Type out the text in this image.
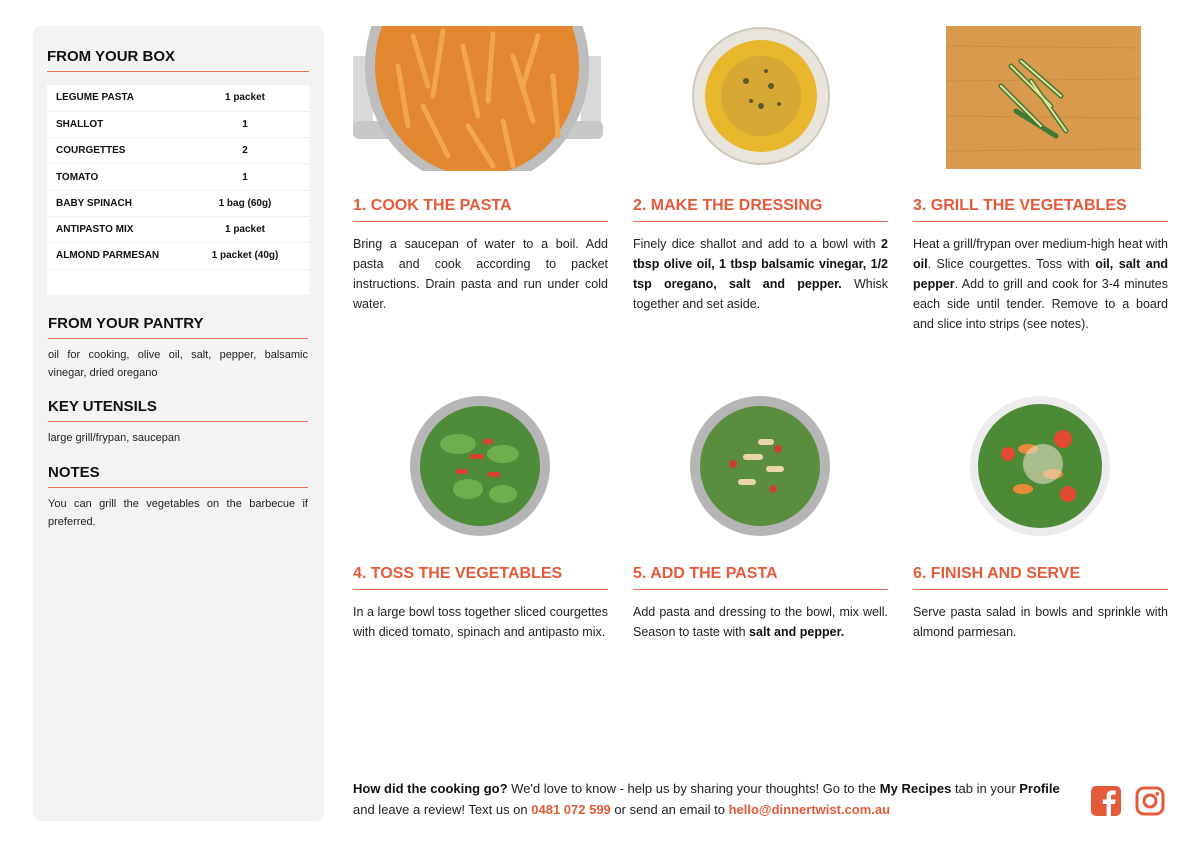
FROM YOUR BOX
LEGUME PASTA	1 packet
SHALLOT	1
COURGETTES	2
TOMATO	1
BABY SPINACH	1 bag (60g)
ANTIPASTO MIX	1 packet
ALMOND PARMESAN	1 packet (40g)

FROM YOUR PANTRY
oil for cooking, olive oil, salt, pepper, balsamic vinegar, dried oregano
KEY UTENSILS
large grill/frypan, saucepan
NOTES
You can grill the vegetables on the barbecue if preferred.
1. COOK THE PASTA
Bring a saucepan of water to a boil. Add pasta and cook according to packet instructions. Drain pasta and run under cold water.
2. MAKE THE DRESSING
Finely dice shallot and add to a bowl with 2 tbsp olive oil, 1 tbsp balsamic vinegar, 1/2 tsp oregano, salt and pepper. Whisk together and set aside.
3. GRILL THE VEGETABLES
Heat a grill/frypan over medium-high heat with oil. Slice courgettes. Toss with oil, salt and pepper. Add to grill and cook for 3-4 minutes each side until tender. Remove to a board and slice into strips (see notes).
4. TOSS THE VEGETABLES
In a large bowl toss together sliced courgettes with diced tomato, spinach and antipasto mix.
5. ADD THE PASTA
Add pasta and dressing to the bowl, mix well. Season to taste with salt and pepper.
6. FINISH AND SERVE
Serve pasta salad in bowls and sprinkle with almond parmesan.
How did the cooking go? We'd love to know - help us by sharing your thoughts! Go to the My Recipes tab in your Profile and leave a review! Text us on 0481 072 599 or send an email to hello@dinnertwist.com.au
